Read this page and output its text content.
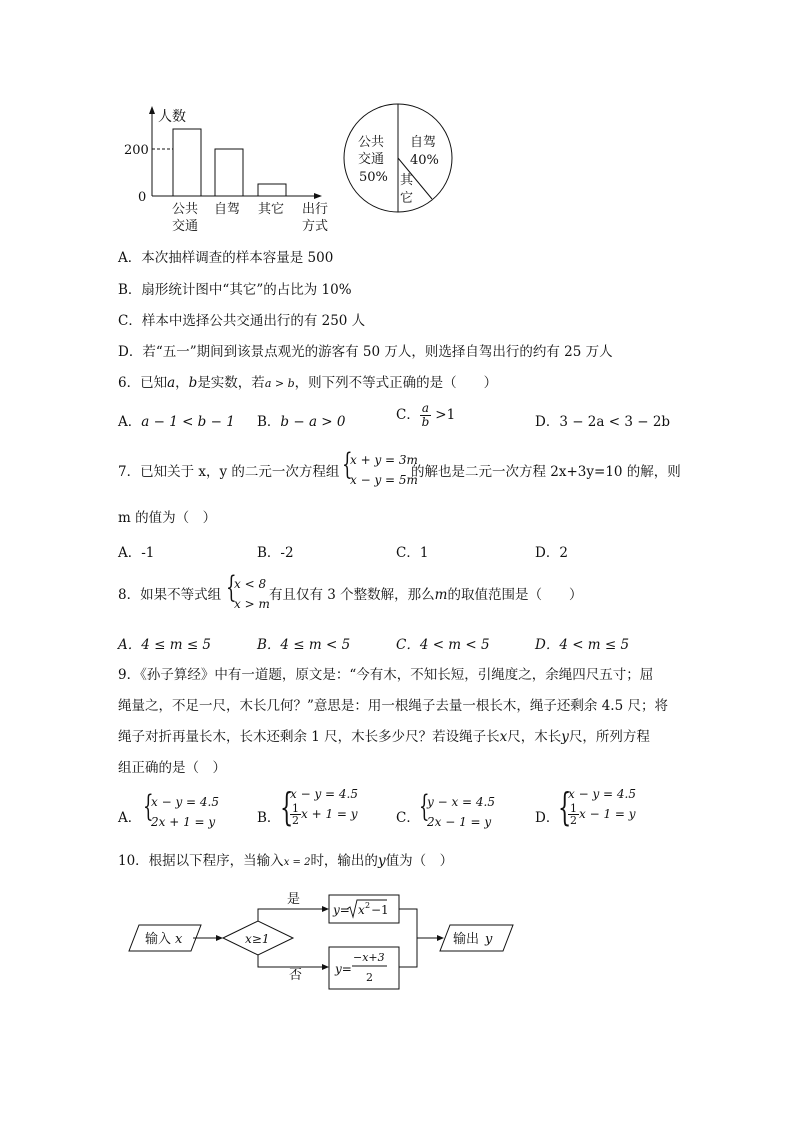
人数
200
0
公共
交通
自驾 其它 出行
方式
公共
交通
50%
自驾
40%
其
它
A．本次抽样调查的样本容量是 500
B．扇形统计图中“其它”的占比为 10%
C．样本中选择公共交通出行的有 250 人
D．若“五一”期间到该景点观光的游客有 50 万人，则选择自驾出行的约有 25 万人
6．已知a，b是实数，若a > b，则下列不等式正确的是（　　）
A．a − 1 < b − 1 B．b − a > 0	C． $\frac{a}{b} >1$	D．3 − 2a < 3 − 2b
7．已知关于 x，y 的二元一次方程组 {
x + y = 3m
x − y = 5m
的解也是二元一次方程 2x+3y=10 的解，则
m 的值为（　）
A．-1	B．-2	C．1	D．2
8．如果不等式组 {
x < 8
x > m
有且仅有 3 个整数解，那么m的取值范围是（　　）
A．4 ≤ m ≤ 5	B．4 ≤ m < 5	C．4 < m < 5	D．4 < m ≤ 5
9．《孙子算经》中有一道题，原文是：“今有木，不知长短，引绳度之，余绳四尺五寸；屈
绳量之，不足一尺，木长几何？”意思是：用一根绳子去量一根长木，绳子还剩余 4.5 尺；将
绳子对折再量长木，长木还剩余 1 尺，木长多少尺？若设绳子长x尺，木长y尺，所列方程
组正确的是（　）
A． {
x − y = 4.5
2x + 1 = y	B． {
x − y = 4.5
$\frac{1}{2}$ x + 1 = y	C． {
y − x = 4.5
2x − 1 = y	D．
{
x − y = 4.5
$\frac{1}{2}$ x − 1 = y
10．根据以下程序，当输入x = 2时，输出的y值为（　）
输入 x	x≥1
是
否
y= x 2 −1
y=
−x+3
2
输出 y
